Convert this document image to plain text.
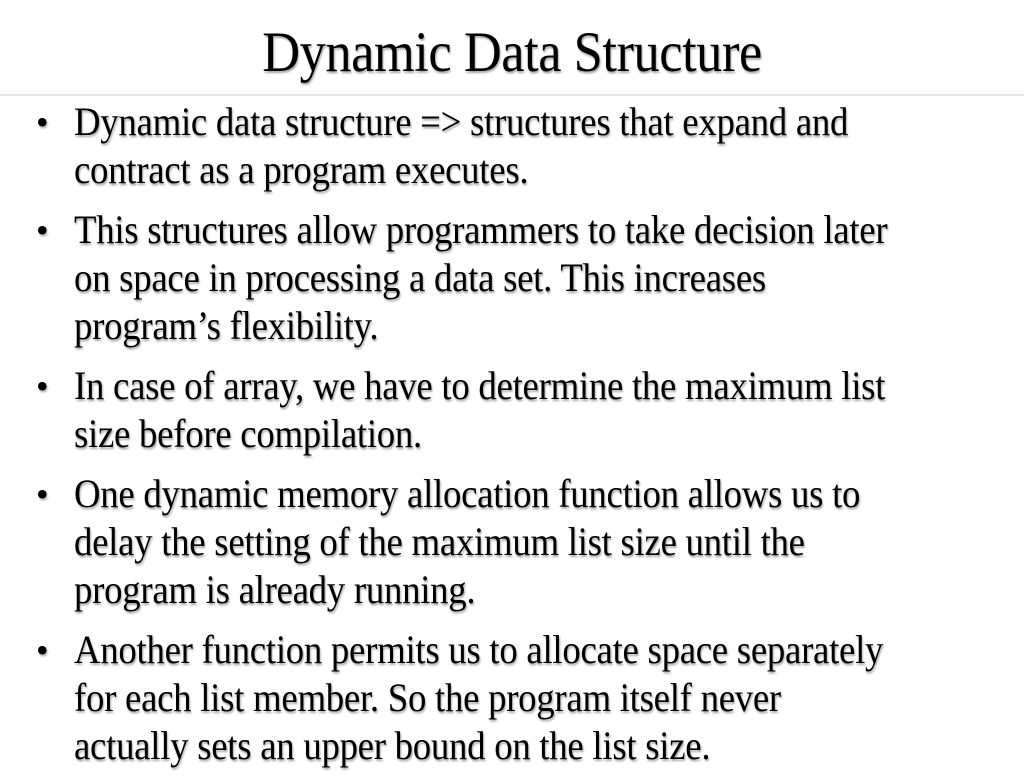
Dynamic Data Structure
• Dynamic data structure => structures that expand and
contract as a program executes.
• This structures allow programmers to take decision later
on space in processing a data set. This increases
program’s flexibility.
• In case of array, we have to determine the maximum list
size before compilation.
• One dynamic memory allocation function allows us to
delay the setting of the maximum list size until the
program is already running.
• Another function permits us to allocate space separately
for each list member. So the program itself never
actually sets an upper bound on the list size.
